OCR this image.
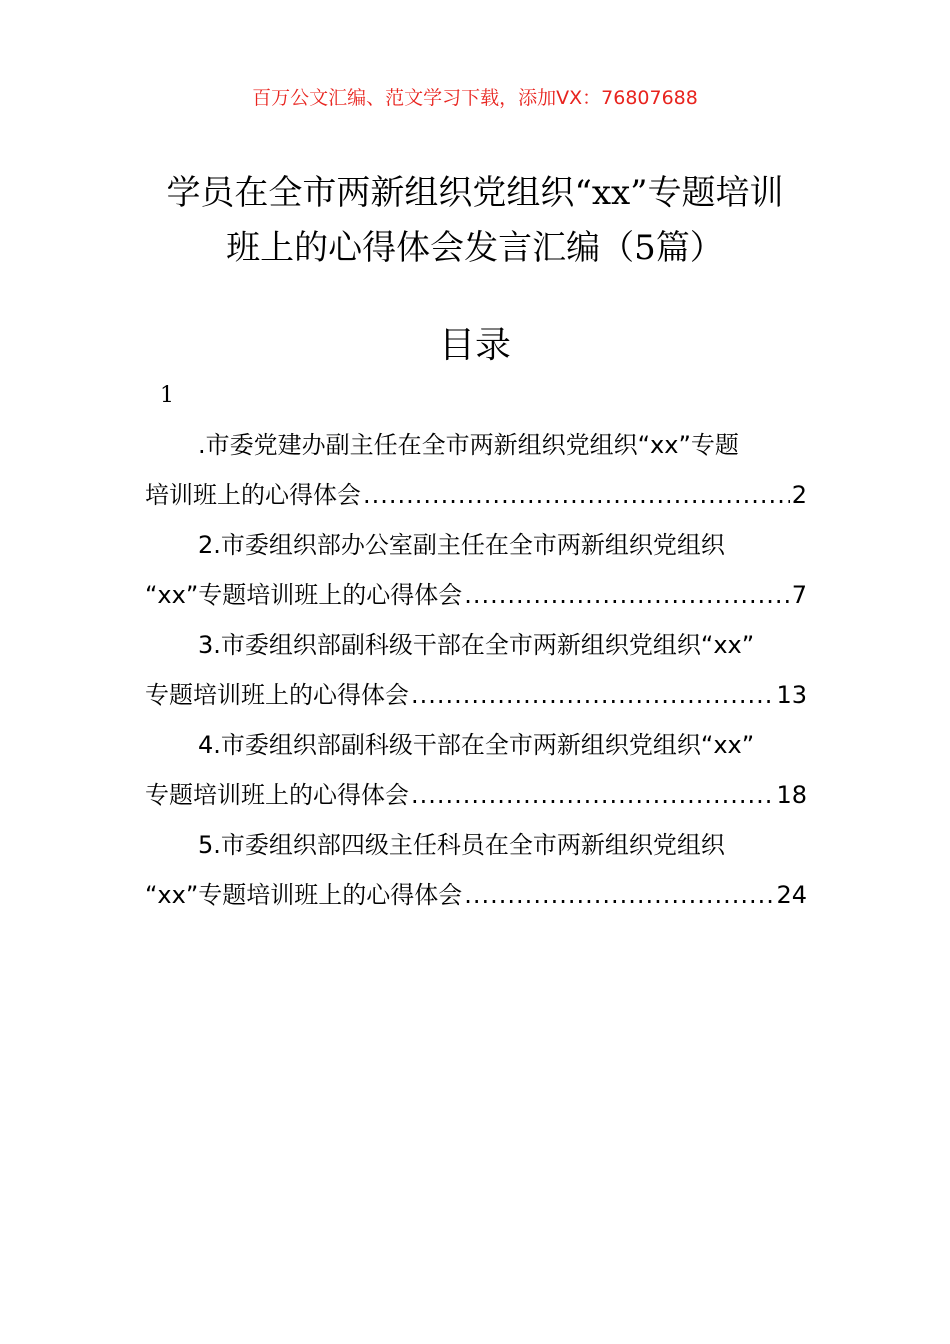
百万公文汇编、范文学习下载，添加VX：76807688
学员在全市两新组织党组织“xx”专题培训
班上的心得体会发言汇编（5篇）
目录
1
.市委党建办副主任在全市两新组织党组织“xx”专题
培训班上的心得体会 .....	2
2.市委组织部办公室副主任在全市两新组织党组织
“xx”专题培训班上的心得体会 .....	7
3.市委组织部副科级干部在全市两新组织党组织“xx”
专题培训班上的心得体会 .....	13
4.市委组织部副科级干部在全市两新组织党组织“xx”
专题培训班上的心得体会 .....	18
5.市委组织部四级主任科员在全市两新组织党组织
“xx”专题培训班上的心得体会 .....	24
